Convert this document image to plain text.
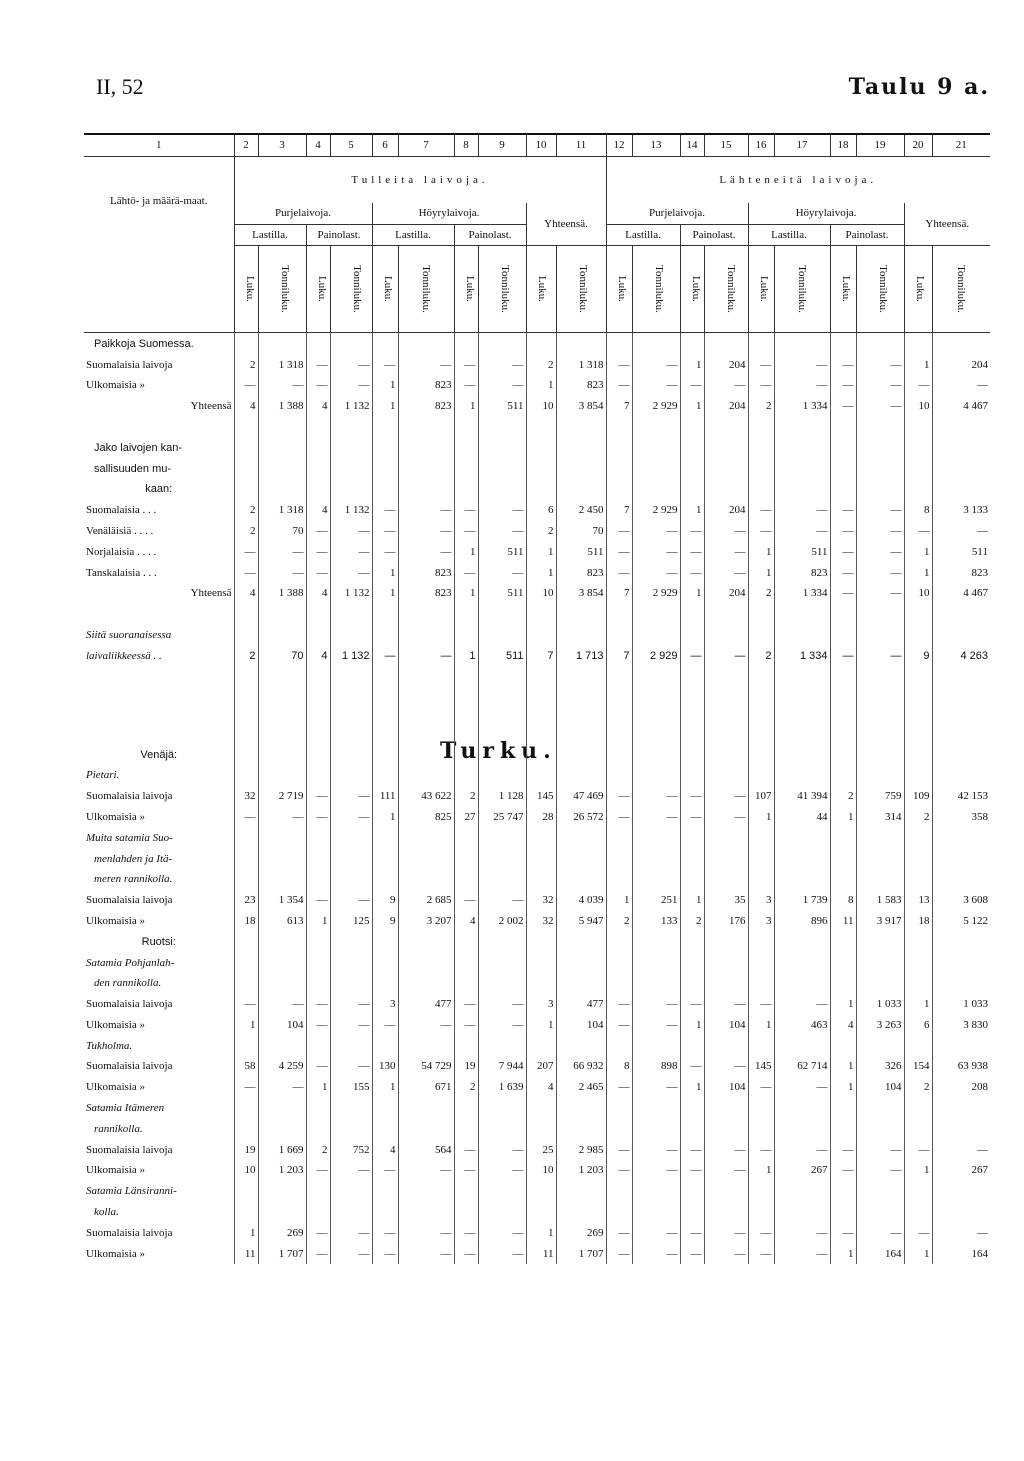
II, 52	Taulu 9 a.
Turku.
1	2	3	4	5	6	7	8	9	10	11	12	13	14	15	16	17	18	19	20	21
Lähtö- ja määrä-maat.	Tulleita laivoja.										Lähteneitä laivoja.									
	Purjelaivoja.				Höyrylaivoja.				Yhteensä.		Purjelaivoja.				Höyrylaivoja.				Yhteensä.	
	Lastilla.		Painolast.		Lastilla.		Painolast.				Lastilla.		Painolast.		Lastilla.		Painolast.			
	Luku.	Tonniluku.	Luku.	Tonniluku.	Luku.	Tonniluku.	Luku.	Tonniluku.	Luku.	Tonniluku.	Luku.	Tonniluku.	Luku.	Tonniluku.	Luku.	Tonniluku.	Luku.	Tonniluku.	Luku.	Tonniluku.
Paikkoja Suomessa.																				
Suomalaisia laivoja	2	1 318	—	—	—	—	—	—	2	1 318	—	—	1	204	—	—	—	—	1	204
Ulkomaisia »	—	—	—	—	1	823	—	—	1	823	—	—	—	—	—	—	—	—	—	—
Yhteensä	4	1 388	4	1 132	1	823	1	511	10	3 854	7	2 929	1	204	2	1 334	—	—	10	4 467

Jako laivojen kan-																				
sallisuuden mu-																				
kaan:																				
Suomalaisia . . .	2	1 318	4	1 132	—	—	—	—	6	2 450	7	2 929	1	204	—	—	—	—	8	3 133
Venäläisiä . . . .	2	70	—	—	—	—	—	—	2	70	—	—	—	—	—	—	—	—	—	—
Norjalaisia . . . .	—	—	—	—	—	—	1	511	1	511	—	—	—	—	1	511	—	—	1	511
Tanskalaisia . . .	—	—	—	—	1	823	—	—	1	823	—	—	—	—	1	823	—	—	1	823
Yhteensä	4	1 388	4	1 132	1	823	1	511	10	3 854	7	2 929	1	204	2	1 334	—	—	10	4 467

Siitä suoranaisessa																				
laivaliikkeessä . .	2	70	4	1 132	—	—	1	511	7	1 713	7	2 929	—	—	2	1 334	—	—	9	4 263

Venäjä:																				
Pietari.																				
Suomalaisia laivoja	32	2 719	—	—	111	43 622	2	1 128	145	47 469	—	—	—	—	107	41 394	2	759	109	42 153
Ulkomaisia »	—	—	—	—	1	825	27	25 747	28	26 572	—	—	—	—	1	44	1	314	2	358
Muita satamia Suo-																				
menlahden ja Itä-																				
meren rannikolla.																				
Suomalaisia laivoja	23	1 354	—	—	9	2 685	—	—	32	4 039	1	251	1	35	3	1 739	8	1 583	13	3 608
Ulkomaisia »	18	613	1	125	9	3 207	4	2 002	32	5 947	2	133	2	176	3	896	11	3 917	18	5 122
Ruotsi:																				
Satamia Pohjanlah-																				
den rannikolla.																				
Suomalaisia laivoja	—	—	—	—	3	477	—	—	3	477	—	—	—	—	—	—	1	1 033	1	1 033
Ulkomaisia »	1	104	—	—	—	—	—	—	1	104	—	—	1	104	1	463	4	3 263	6	3 830
Tukholma.																				
Suomalaisia laivoja	58	4 259	—	—	130	54 729	19	7 944	207	66 932	8	898	—	—	145	62 714	1	326	154	63 938
Ulkomaisia »	—	—	1	155	1	671	2	1 639	4	2 465	—	—	1	104	—	—	1	104	2	208
Satamia Itämeren																				
rannikolla.																				
Suomalaisia laivoja	19	1 669	2	752	4	564	—	—	25	2 985	—	—	—	—	—	—	—	—	—	—
Ulkomaisia »	10	1 203	—	—	—	—	—	—	10	1 203	—	—	—	—	1	267	—	—	1	267
Satamia Länsiranni-																				
kolla.																				
Suomalaisia laivoja	1	269	—	—	—	—	—	—	1	269	—	—	—	—	—	—	—	—	—	—
Ulkomaisia »	11	1 707	—	—	—	—	—	—	11	1 707	—	—	—	—	—	—	1	164	1	164
